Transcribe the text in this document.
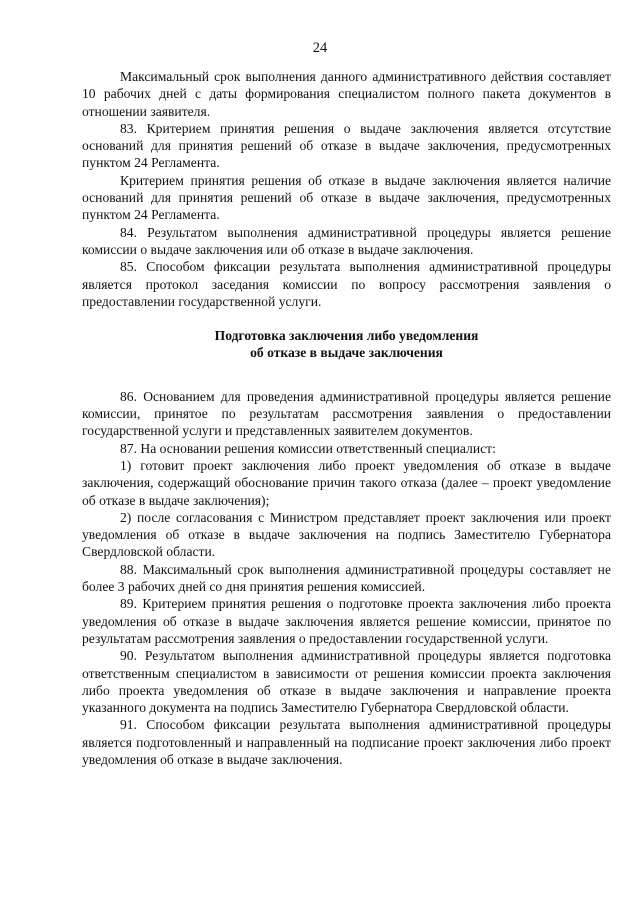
24

Максимальный срок выполнения данного административного действия составляет 10 рабочих дней с даты формирования специалистом полного пакета документов в отношении заявителя.

83. Критерием принятия решения о выдаче заключения является отсутствие оснований для принятия решений об отказе в выдаче заключения, предусмотренных пунктом 24 Регламента.

Критерием принятия решения об отказе в выдаче заключения является наличие оснований для принятия решений об отказе в выдаче заключения, предусмотренных пунктом 24 Регламента.

84. Результатом выполнения административной процедуры является решение комиссии о выдаче заключения или об отказе в выдаче заключения.

85. Способом фиксации результата выполнения административной процедуры является протокол заседания комиссии по вопросу рассмотрения заявления о предоставлении государственной услуги.

Подготовка заключения либо уведомления

об отказе в выдаче заключения

86. Основанием для проведения административной процедуры является решение комиссии, принятое по результатам рассмотрения заявления о предоставлении государственной услуги и представленных заявителем документов.

87. На основании решения комиссии ответственный специалист:

1) готовит проект заключения либо проект уведомления об отказе в выдаче заключения, содержащий обоснование причин такого отказа (далее – проект уведомление об отказе в выдаче заключения);

2) после согласования с Министром представляет проект заключения или проект уведомления об отказе в выдаче заключения на подпись Заместителю Губернатора Свердловской области.

88. Максимальный срок выполнения административной процедуры составляет не более 3 рабочих дней со дня принятия решения комиссией.

89. Критерием принятия решения о подготовке проекта заключения либо проекта уведомления об отказе в выдаче заключения является решение комиссии, принятое по результатам рассмотрения заявления о предоставлении государственной услуги.

90. Результатом выполнения административной процедуры является подготовка ответственным специалистом в зависимости от решения комиссии проекта заключения либо проекта уведомления об отказе в выдаче заключения и направление проекта указанного документа на подпись Заместителю Губернатора Свердловской области.

91. Способом фиксации результата выполнения административной процедуры является подготовленный и направленный на подписание проект заключения либо проект уведомления об отказе в выдаче заключения.
